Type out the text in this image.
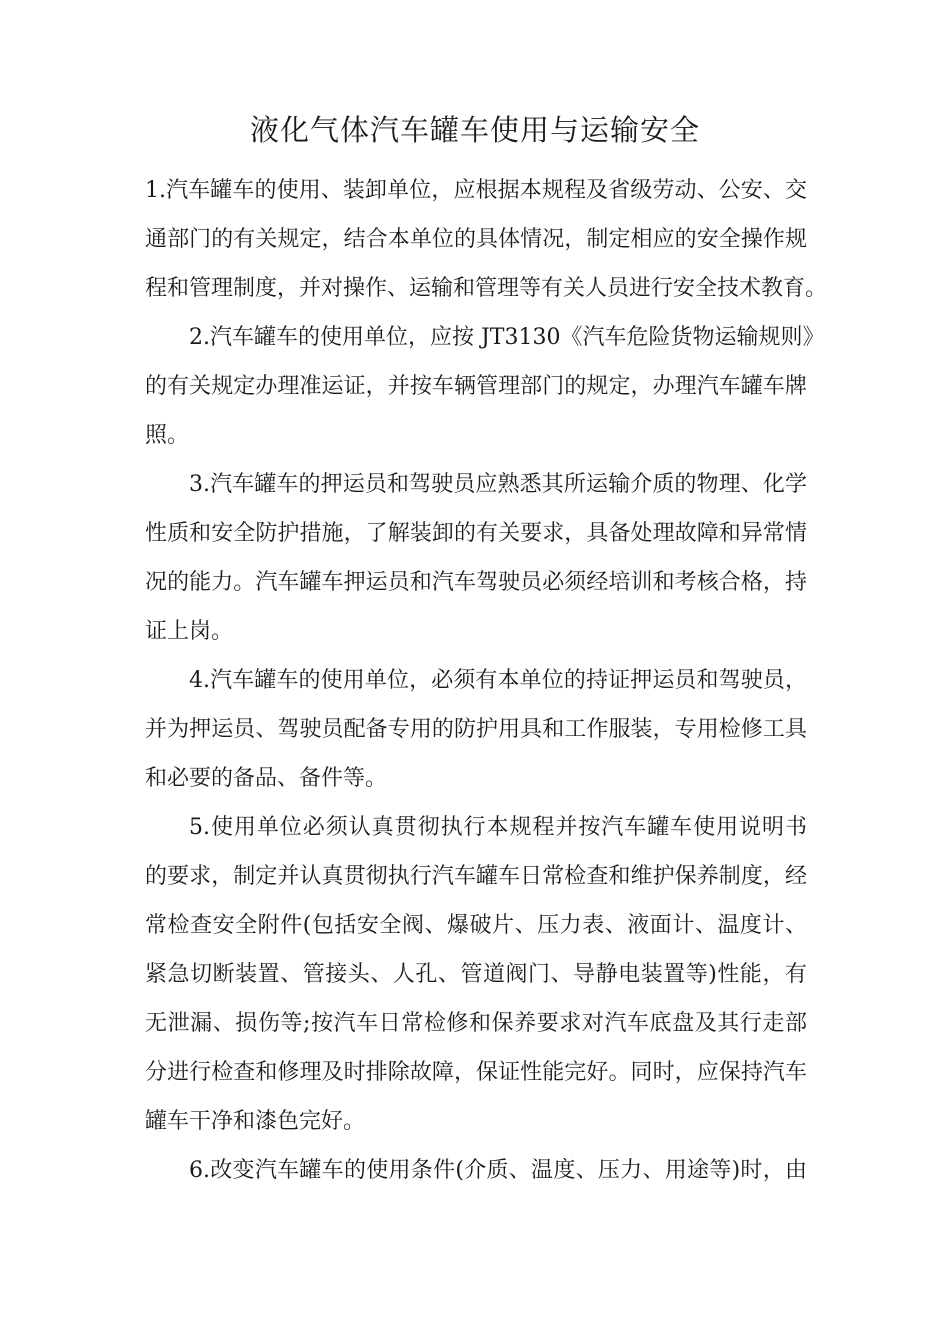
液化气体汽车罐车使用与运输安全
1.汽车罐车的使用、装卸单位，应根据本规程及省级劳动、公安、交
通部门的有关规定，结合本单位的具体情况，制定相应的安全操作规
程和管理制度，并对操作、运输和管理等有关人员进行安全技术教育。
2.汽车罐车的使用单位，应按 JT3130《汽车危险货物运输规则》
的有关规定办理准运证，并按车辆管理部门的规定，办理汽车罐车牌
照。
3.汽车罐车的押运员和驾驶员应熟悉其所运输介质的物理、化学
性质和安全防护措施，了解装卸的有关要求，具备处理故障和异常情
况的能力。汽车罐车押运员和汽车驾驶员必须经培训和考核合格，持
证上岗。
4.汽车罐车的使用单位，必须有本单位的持证押运员和驾驶员，
并为押运员、驾驶员配备专用的防护用具和工作服装，专用检修工具
和必要的备品、备件等。
5.使用单位必须认真贯彻执行本规程并按汽车罐车使用说明书
的要求，制定并认真贯彻执行汽车罐车日常检查和维护保养制度，经
常检查安全附件(包括安全阀、爆破片、压力表、液面计、温度计、
紧急切断装置、管接头、人孔、管道阀门、导静电装置等)性能，有
无泄漏、损伤等;按汽车日常检修和保养要求对汽车底盘及其行走部
分进行检查和修理及时排除故障，保证性能完好。同时，应保持汽车
罐车干净和漆色完好。
6.改变汽车罐车的使用条件(介质、温度、压力、用途等)时，由
